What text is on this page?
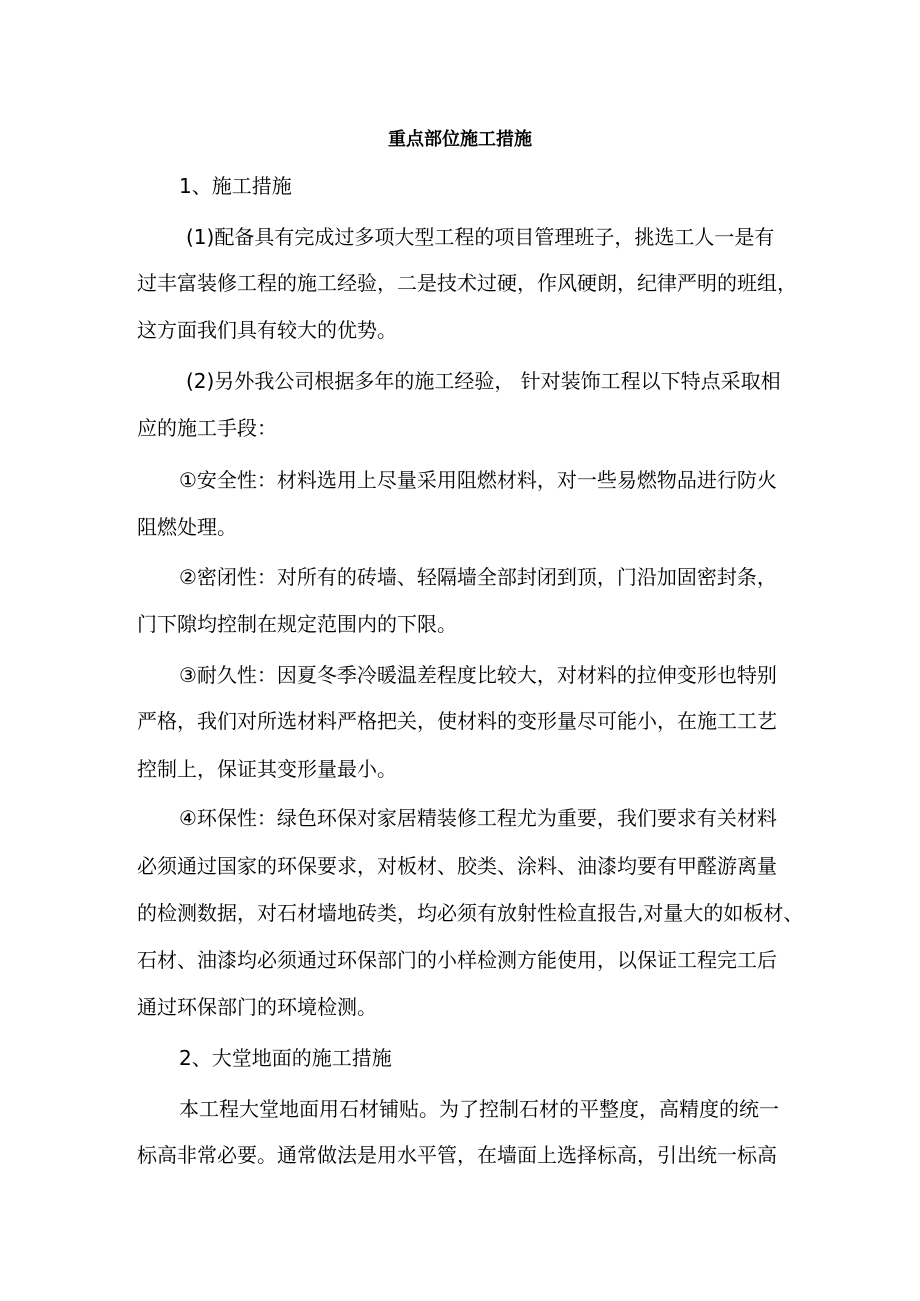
重点部位施工措施
1、施工措施
(1)配备具有完成过多项大型工程的项目管理班子，挑选工人一是有
过丰富装修工程的施工经验，二是技术过硬，作风硬朗，纪律严明的班组，
这方面我们具有较大的优势。
(2)另外我公司根据多年的施工经验， 针对装饰工程以下特点采取相
应的施工手段：
①安全性：材料选用上尽量采用阻燃材料，对一些易燃物品进行防火
阻燃处理。
②密闭性：对所有的砖墙、轻隔墙全部封闭到顶，门沿加固密封条，
门下隙均控制在规定范围内的下限。
③耐久性：因夏冬季冷暖温差程度比较大，对材料的拉伸变形也特别
严格，我们对所选材料严格把关，使材料的变形量尽可能小，在施工工艺
控制上，保证其变形量最小。
④环保性：绿色环保对家居精装修工程尤为重要，我们要求有关材料
必须通过国家的环保要求，对板材、胶类、涂料、油漆均要有甲醛游离量
的检测数据，对石材墙地砖类，均必须有放射性检直报告,对量大的如板材、
石材、油漆均必须通过环保部门的小样检测方能使用，以保证工程完工后
通过环保部门的环境检测。
2、大堂地面的施工措施
本工程大堂地面用石材铺贴。为了控制石材的平整度，高精度的统一
标高非常必要。通常做法是用水平管，在墙面上选择标高，引出统一标高
